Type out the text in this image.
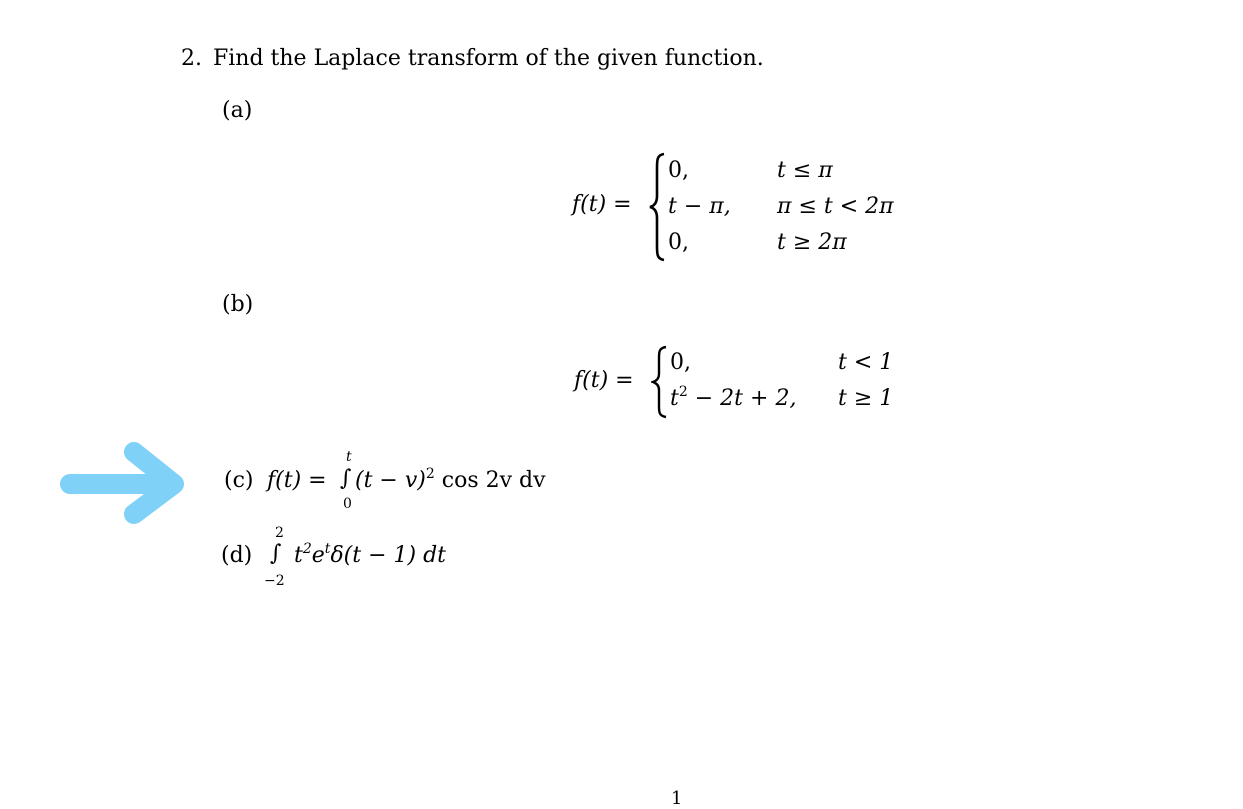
2. Find the Laplace transform of the given function.
(a)
f(t) =
0,
t − π,
0,
t ≤ π
π ≤ t < 2π
t ≥ 2π
(b)
f(t) =
0,
$t^2 - 2t + 2$,
t < 1
t ≥ 1
(c) f(t) =
t
∫
0
$(t - v)^2$ cos 2v dv
(d)
2
∫
−2
$t^2e^t\delta(t - 1)$ dt
1
